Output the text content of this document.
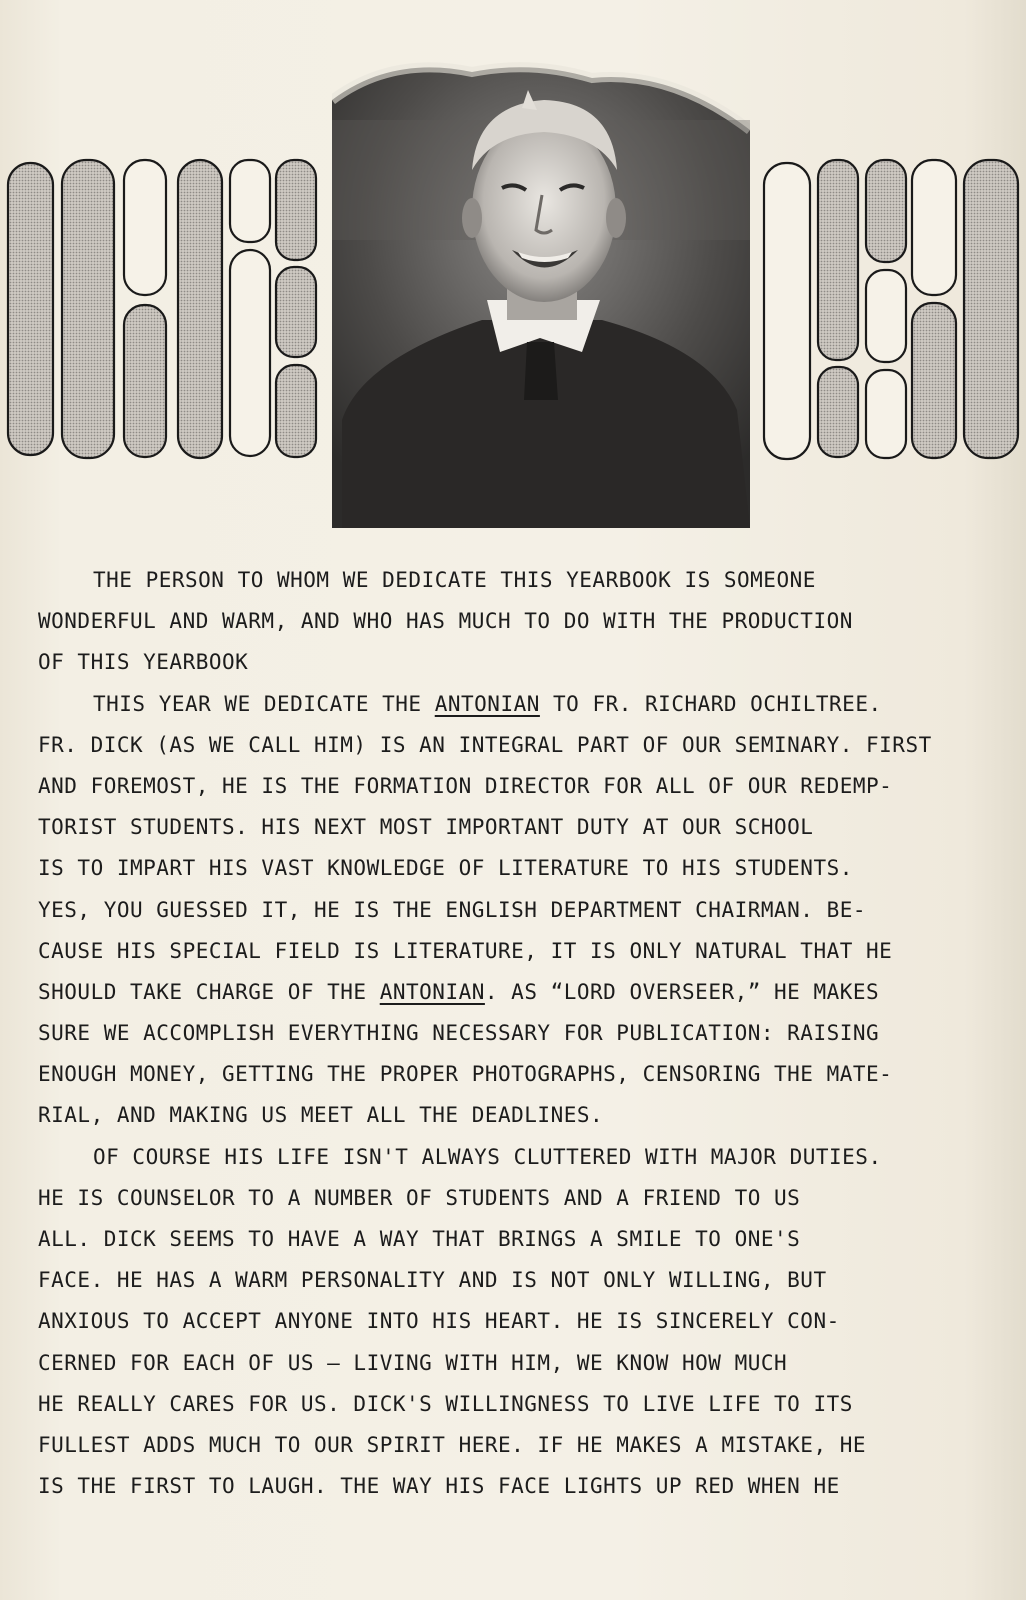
THE PERSON TO WHOM WE DEDICATE THIS YEARBOOK IS SOMEONE
WONDERFUL AND WARM, AND WHO HAS MUCH TO DO WITH THE PRODUCTION
OF THIS YEARBOOK
THIS YEAR WE DEDICATE THE ANTONIAN TO FR. RICHARD OCHILTREE.
FR. DICK (AS WE CALL HIM) IS AN INTEGRAL PART OF OUR SEMINARY. FIRST
AND FOREMOST, HE IS THE FORMATION DIRECTOR FOR ALL OF OUR REDEMP-
TORIST STUDENTS. HIS NEXT MOST IMPORTANT DUTY AT OUR SCHOOL
IS TO IMPART HIS VAST KNOWLEDGE OF LITERATURE TO HIS STUDENTS.
YES, YOU GUESSED IT, HE IS THE ENGLISH DEPARTMENT CHAIRMAN. BE-
CAUSE HIS SPECIAL FIELD IS LITERATURE, IT IS ONLY NATURAL THAT HE
SHOULD TAKE CHARGE OF THE ANTONIAN. AS “LORD OVERSEER,” HE MAKES
SURE WE ACCOMPLISH EVERYTHING NECESSARY FOR PUBLICATION: RAISING
ENOUGH MONEY, GETTING THE PROPER PHOTOGRAPHS, CENSORING THE MATE-
RIAL, AND MAKING US MEET ALL THE DEADLINES.
OF COURSE HIS LIFE ISN'T ALWAYS CLUTTERED WITH MAJOR DUTIES.
HE IS COUNSELOR TO A NUMBER OF STUDENTS AND A FRIEND TO US
ALL. DICK SEEMS TO HAVE A WAY THAT BRINGS A SMILE TO ONE'S
FACE. HE HAS A WARM PERSONALITY AND IS NOT ONLY WILLING, BUT
ANXIOUS TO ACCEPT ANYONE INTO HIS HEART. HE IS SINCERELY CON-
CERNED FOR EACH OF US — LIVING WITH HIM, WE KNOW HOW MUCH
HE REALLY CARES FOR US. DICK'S WILLINGNESS TO LIVE LIFE TO ITS
FULLEST ADDS MUCH TO OUR SPIRIT HERE. IF HE MAKES A MISTAKE, HE
IS THE FIRST TO LAUGH. THE WAY HIS FACE LIGHTS UP RED WHEN HE
